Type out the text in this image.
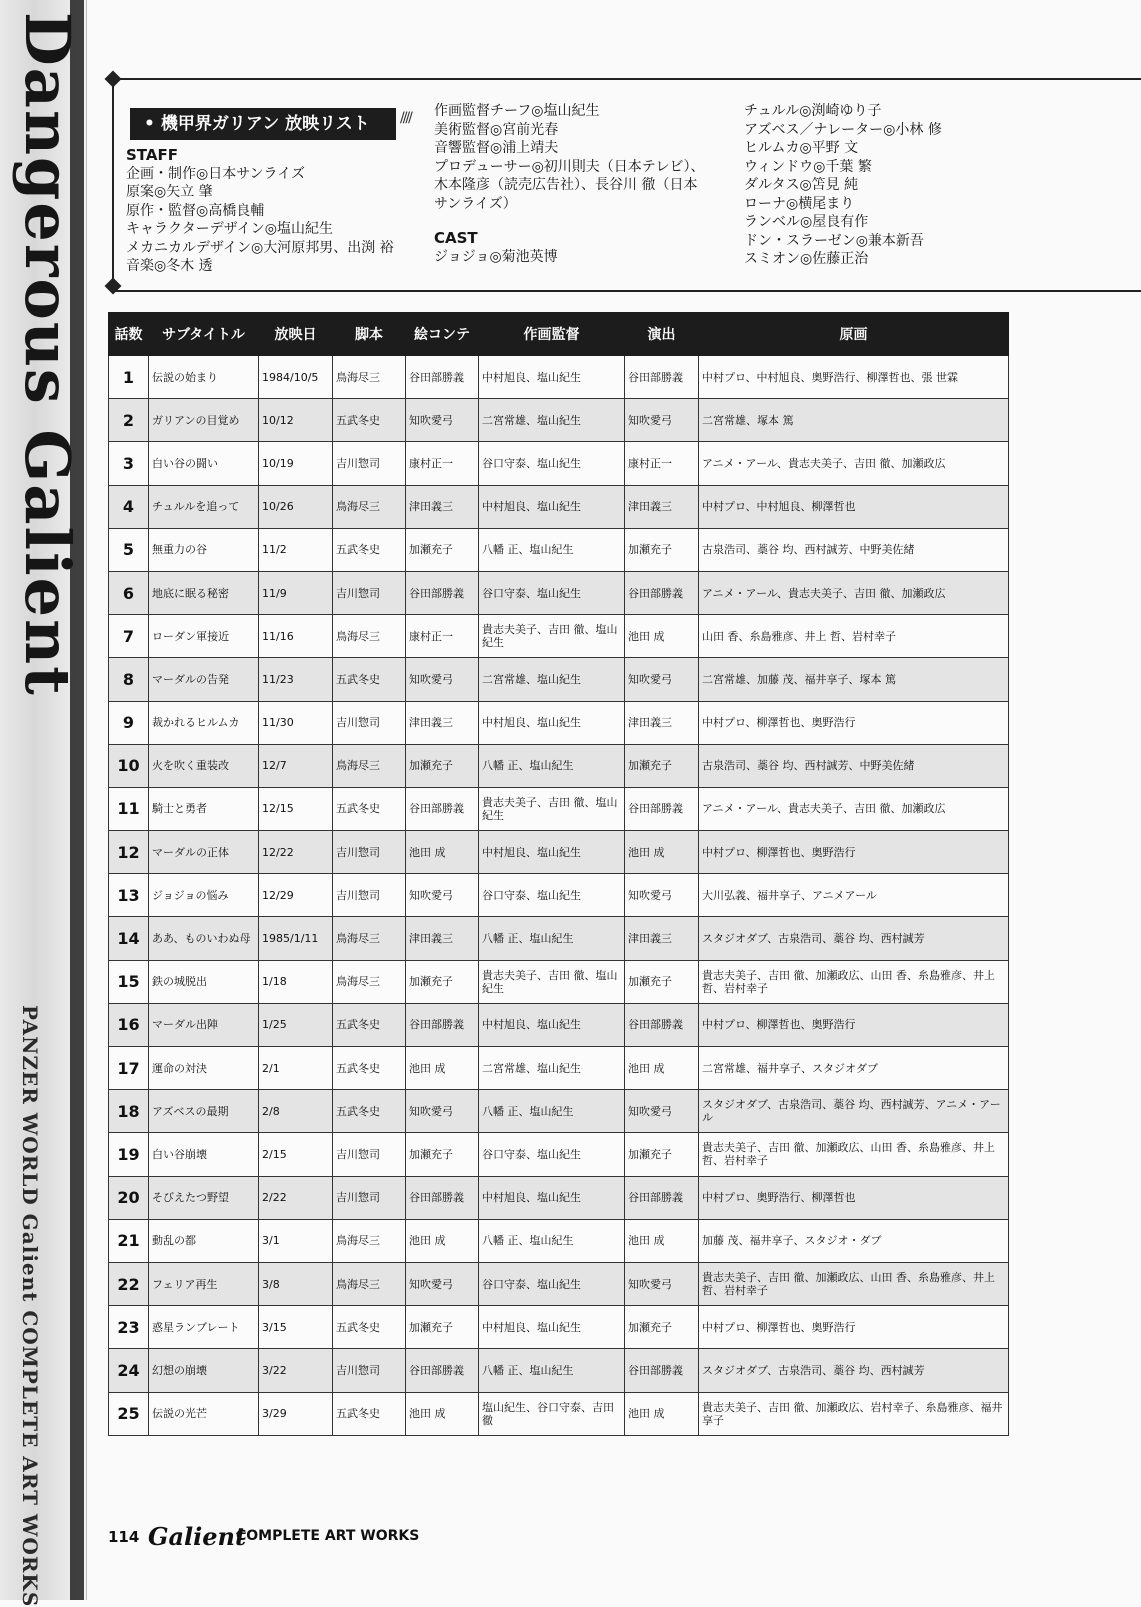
Dangerous Galient
PANZER WORLD Galient COMPLETE ART WORKS
• 機甲界ガリアン 放映リスト	////
STAFF
企画・制作◎日本サンライズ
原案◎矢立 肇
原作・監督◎高橋良輔
キャラクターデザイン◎塩山紀生
メカニカルデザイン◎大河原邦男、出渕 裕
音楽◎冬木 透
作画監督チーフ◎塩山紀生
美術監督◎宮前光春
音響監督◎浦上靖夫
プロデューサー◎初川則夫（日本テレビ）、
木本隆彦（読売広告社）、長谷川 徹（日本
サンライズ）
CAST
ジョジョ◎菊池英博
チュルル◎渕崎ゆり子
アズベス／ナレーター◎小林 修
ヒルムカ◎平野 文
ウィンドウ◎千葉 繁
ダルタス◎笘見 純
ローナ◎横尾まり
ランベル◎屋良有作
ドン・スラーゼン◎兼本新吾
スミオン◎佐藤正治
話数	サブタイトル	放映日	脚本	絵コンテ	作画監督	演出	原画
1	伝説の始まり	1984/10/5	鳥海尽三	谷田部勝義	中村旭良、塩山紀生	谷田部勝義	中村プロ、中村旭良、奥野浩行、柳澤哲也、張 世霖
2	ガリアンの目覚め	10/12	五武冬史	知吹愛弓	二宮常雄、塩山紀生	知吹愛弓	二宮常雄、塚本 篤
3	白い谷の闘い	10/19	吉川惣司	康村正一	谷口守泰、塩山紀生	康村正一	アニメ・アール、貴志夫美子、吉田 徹、加瀬政広
4	チュルルを追って	10/26	鳥海尽三	津田義三	中村旭良、塩山紀生	津田義三	中村プロ、中村旭良、柳澤哲也
5	無重力の谷	11/2	五武冬史	加瀬充子	八幡 正、塩山紀生	加瀬充子	古泉浩司、藁谷 均、西村誠芳、中野美佐緒
6	地底に眠る秘密	11/9	吉川惣司	谷田部勝義	谷口守泰、塩山紀生	谷田部勝義	アニメ・アール、貴志夫美子、吉田 徹、加瀬政広
7	ローダン軍接近	11/16	鳥海尽三	康村正一	貴志夫美子、吉田 徹、塩山紀生	池田 成	山田 香、糸島雅彦、井上 哲、岩村幸子
8	マーダルの告発	11/23	五武冬史	知吹愛弓	二宮常雄、塩山紀生	知吹愛弓	二宮常雄、加藤 茂、福井享子、塚本 篤
9	裁かれるヒルムカ	11/30	吉川惣司	津田義三	中村旭良、塩山紀生	津田義三	中村プロ、柳澤哲也、奥野浩行
10	火を吹く重装改	12/7	鳥海尽三	加瀬充子	八幡 正、塩山紀生	加瀬充子	古泉浩司、藁谷 均、西村誠芳、中野美佐緒
11	騎士と勇者	12/15	五武冬史	谷田部勝義	貴志夫美子、吉田 徹、塩山紀生	谷田部勝義	アニメ・アール、貴志夫美子、吉田 徹、加瀬政広
12	マーダルの正体	12/22	吉川惣司	池田 成	中村旭良、塩山紀生	池田 成	中村プロ、柳澤哲也、奥野浩行
13	ジョジョの悩み	12/29	吉川惣司	知吹愛弓	谷口守泰、塩山紀生	知吹愛弓	大川弘義、福井享子、アニメアール
14	ああ、ものいわぬ母	1985/1/11	鳥海尽三	津田義三	八幡 正、塩山紀生	津田義三	スタジオダブ、古泉浩司、藁谷 均、西村誠芳
15	鉄の城脱出	1/18	鳥海尽三	加瀬充子	貴志夫美子、吉田 徹、塩山紀生	加瀬充子	貴志夫美子、吉田 徹、加瀬政広、山田 香、糸島雅彦、井上 哲、岩村幸子
16	マーダル出陣	1/25	五武冬史	谷田部勝義	中村旭良、塩山紀生	谷田部勝義	中村プロ、柳澤哲也、奥野浩行
17	運命の対決	2/1	五武冬史	池田 成	二宮常雄、塩山紀生	池田 成	二宮常雄、福井享子、スタジオダブ
18	アズベスの最期	2/8	五武冬史	知吹愛弓	八幡 正、塩山紀生	知吹愛弓	スタジオダブ、古泉浩司、藁谷 均、西村誠芳、アニメ・アール
19	白い谷崩壊	2/15	吉川惣司	加瀬充子	谷口守泰、塩山紀生	加瀬充子	貴志夫美子、吉田 徹、加瀬政広、山田 香、糸島雅彦、井上 哲、岩村幸子
20	そびえたつ野望	2/22	吉川惣司	谷田部勝義	中村旭良、塩山紀生	谷田部勝義	中村プロ、奥野浩行、柳澤哲也
21	動乱の都	3/1	鳥海尽三	池田 成	八幡 正、塩山紀生	池田 成	加藤 茂、福井享子、スタジオ・ダブ
22	フェリア再生	3/8	鳥海尽三	知吹愛弓	谷口守泰、塩山紀生	知吹愛弓	貴志夫美子、吉田 徹、加瀬政広、山田 香、糸島雅彦、井上 哲、岩村幸子
23	惑星ランブレート	3/15	五武冬史	加瀬充子	中村旭良、塩山紀生	加瀬充子	中村プロ、柳澤哲也、奥野浩行
24	幻想の崩壊	3/22	吉川惣司	谷田部勝義	八幡 正、塩山紀生	谷田部勝義	スタジオダブ、古泉浩司、藁谷 均、西村誠芳
25	伝説の光芒	3/29	五武冬史	池田 成	塩山紀生、谷口守泰、吉田 徹	池田 成	貴志夫美子、吉田 徹、加瀬政広、岩村幸子、糸島雅彦、福井享子
114 Galient
COMPLETE ART WORKS
